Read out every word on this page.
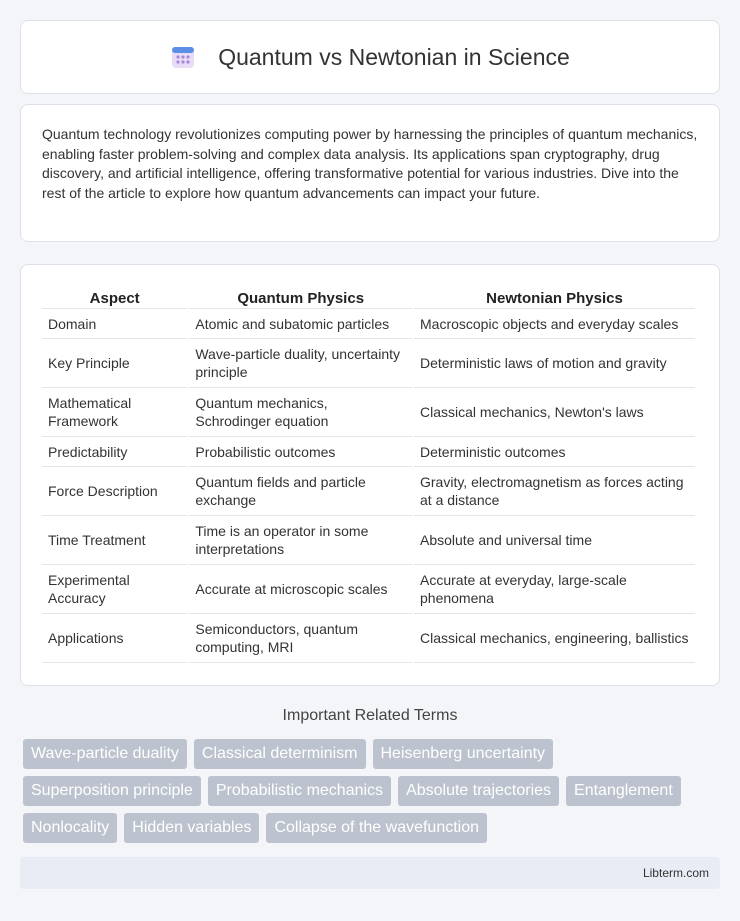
Quantum vs Newtonian in Science

Quantum technology revolutionizes computing power by harnessing the principles of quantum mechanics, enabling faster problem-solving and complex data analysis. Its applications span cryptography, drug discovery, and artificial intelligence, offering transformative potential for various industries. Dive into the rest of the article to explore how quantum advancements can impact your future.

Aspect	Quantum Physics	Newtonian Physics
Domain	Atomic and subatomic particles	Macroscopic objects and everyday scales
Key Principle	Wave-particle duality, uncertainty principle	Deterministic laws of motion and gravity
Mathematical Framework	Quantum mechanics, Schrodinger equation	Classical mechanics, Newton's laws
Predictability	Probabilistic outcomes	Deterministic outcomes
Force Description	Quantum fields and particle exchange	Gravity, electromagnetism as forces acting at a distance
Time Treatment	Time is an operator in some interpretations	Absolute and universal time
Experimental Accuracy	Accurate at microscopic scales	Accurate at everyday, large-scale phenomena
Applications	Semiconductors, quantum computing, MRI	Classical mechanics, engineering, ballistics
Important Related Terms
Wave-particle duality	Classical determinism	Heisenberg uncertainty
Superposition principle	Probabilistic mechanics	Absolute trajectories	Entanglement
Nonlocality	Hidden variables	Collapse of the wavefunction
Libterm.com
